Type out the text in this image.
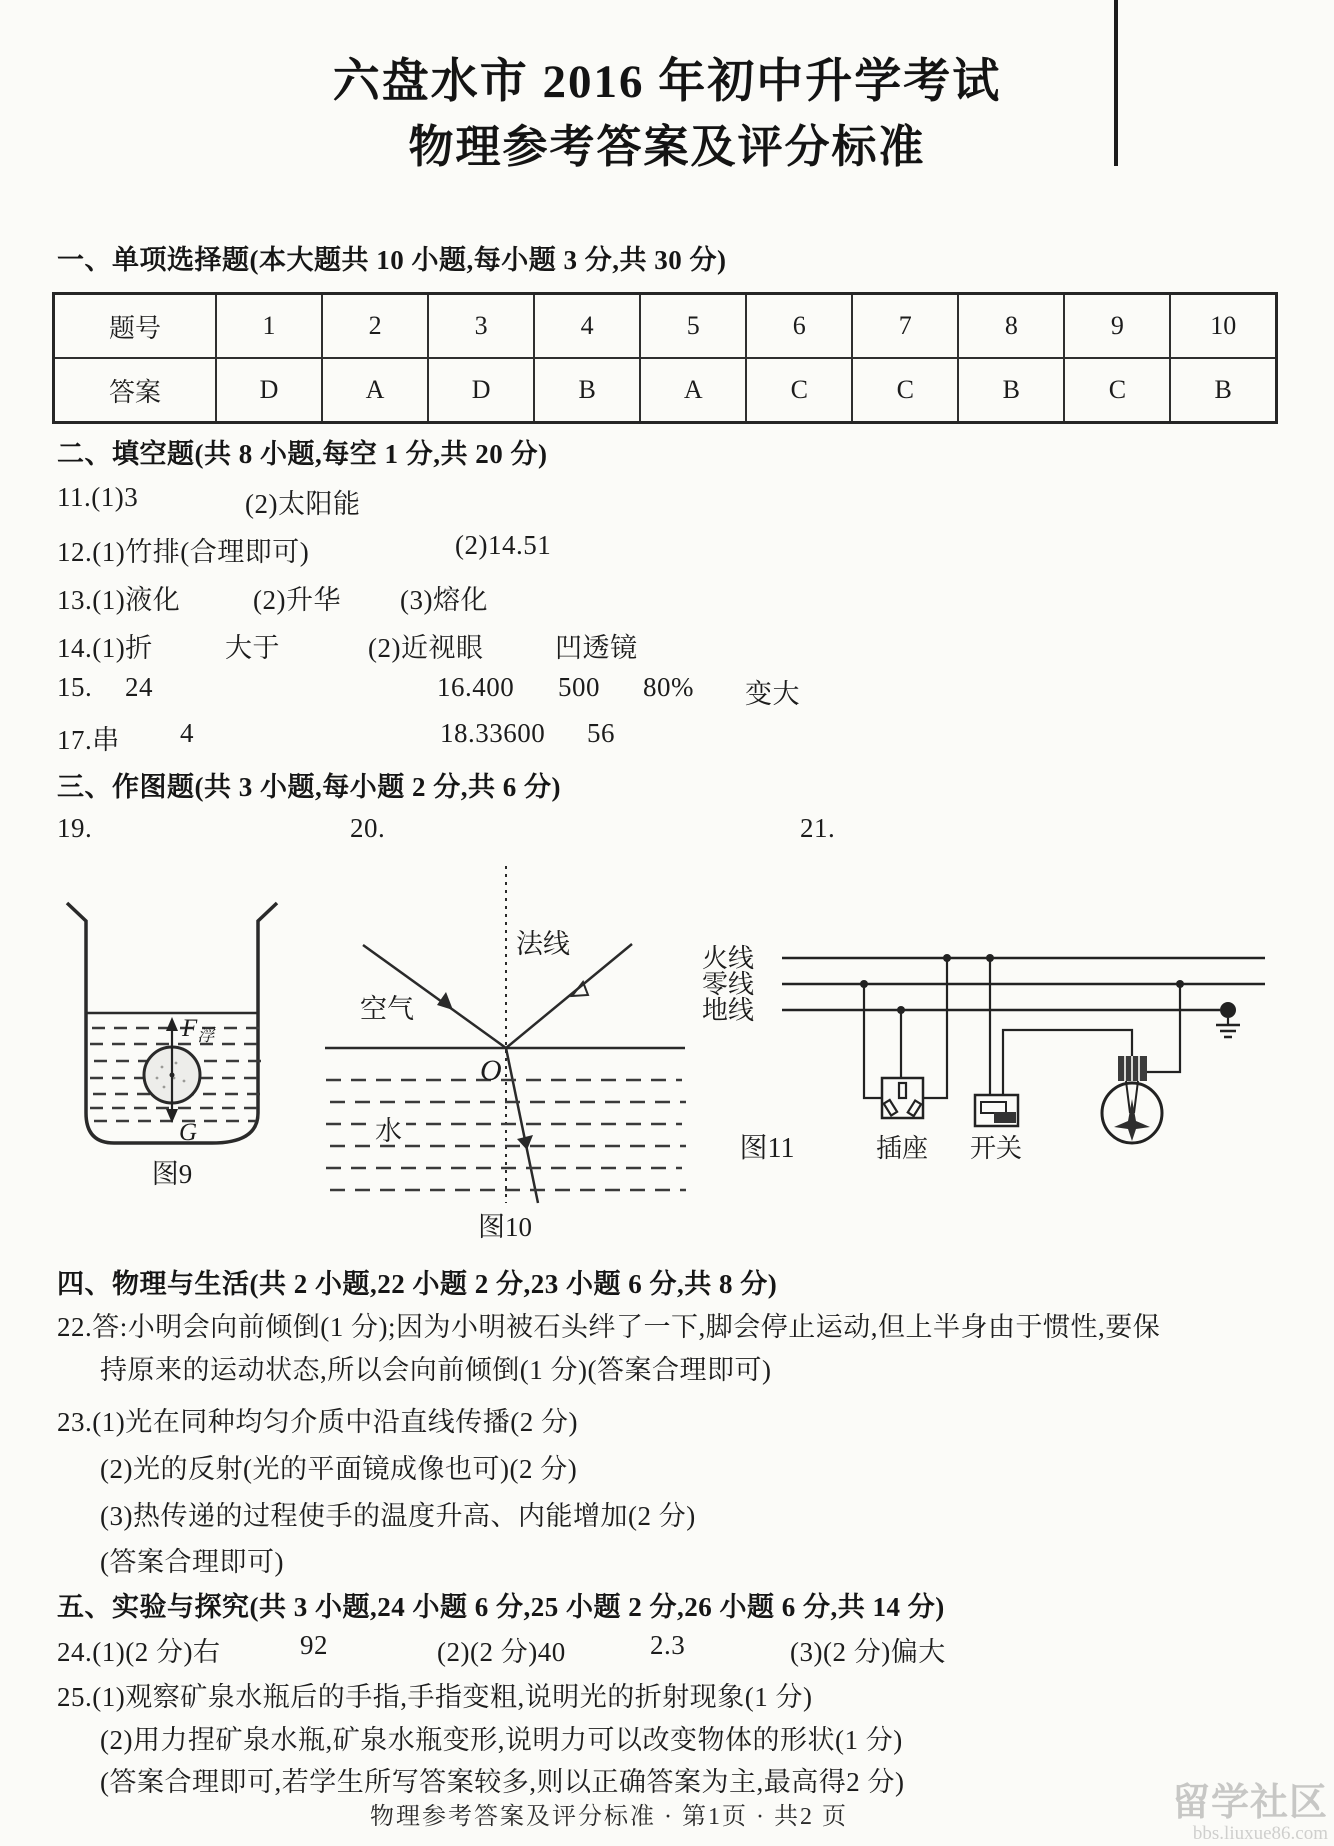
六盘水市 2016 年初中升学考试
物理参考答案及评分标准
一、单项选择题(本大题共 10 小题,每小题 3 分,共 30 分)
题号	1	2	3	4	5	6	7	8	9	10
答案	D	A	D	B	A	C	C	B	C	B
二、填空题(共 8 小题,每空 1 分,共 20 分)
11.(1)3	(2)太阳能
12.(1)竹排(合理即可)	(2)14.51
13.(1)液化	(2)升华 (3)熔化
14.(1)折	大于	(2)近视眼	凹透镜
15. 24	16.400 500 80% 变大
17.串 4	18.33600 56
三、作图题(共 3 小题,每小题 2 分,共 6 分)
19.	20.	21.
$F_浮$
G
图9
法线
空气
水
O
图10
火线
零线
地线
图11	插座 开关
四、物理与生活(共 2 小题,22 小题 2 分,23 小题 6 分,共 8 分)
22.答:小明会向前倾倒(1 分);因为小明被石头绊了一下,脚会停止运动,但上半身由于惯性,要保
持原来的运动状态,所以会向前倾倒(1 分)(答案合理即可)
23.(1)光在同种均匀介质中沿直线传播(2 分)
(2)光的反射(光的平面镜成像也可)(2 分)
(3)热传递的过程使手的温度升高、内能增加(2 分)
(答案合理即可)
五、实验与探究(共 3 小题,24 小题 6 分,25 小题 2 分,26 小题 6 分,共 14 分)
24.(1)(2 分)右	92	(2)(2 分)40	2.3	(3)(2 分)偏大
25.(1)观察矿泉水瓶后的手指,手指变粗,说明光的折射现象(1 分)
(2)用力捏矿泉水瓶,矿泉水瓶变形,说明力可以改变物体的形状(1 分)
(答案合理即可,若学生所写答案较多,则以正确答案为主,最高得2 分)
物理参考答案及评分标准 · 第1页 · 共2 页	留学社区
bbs.liuxue86.com
